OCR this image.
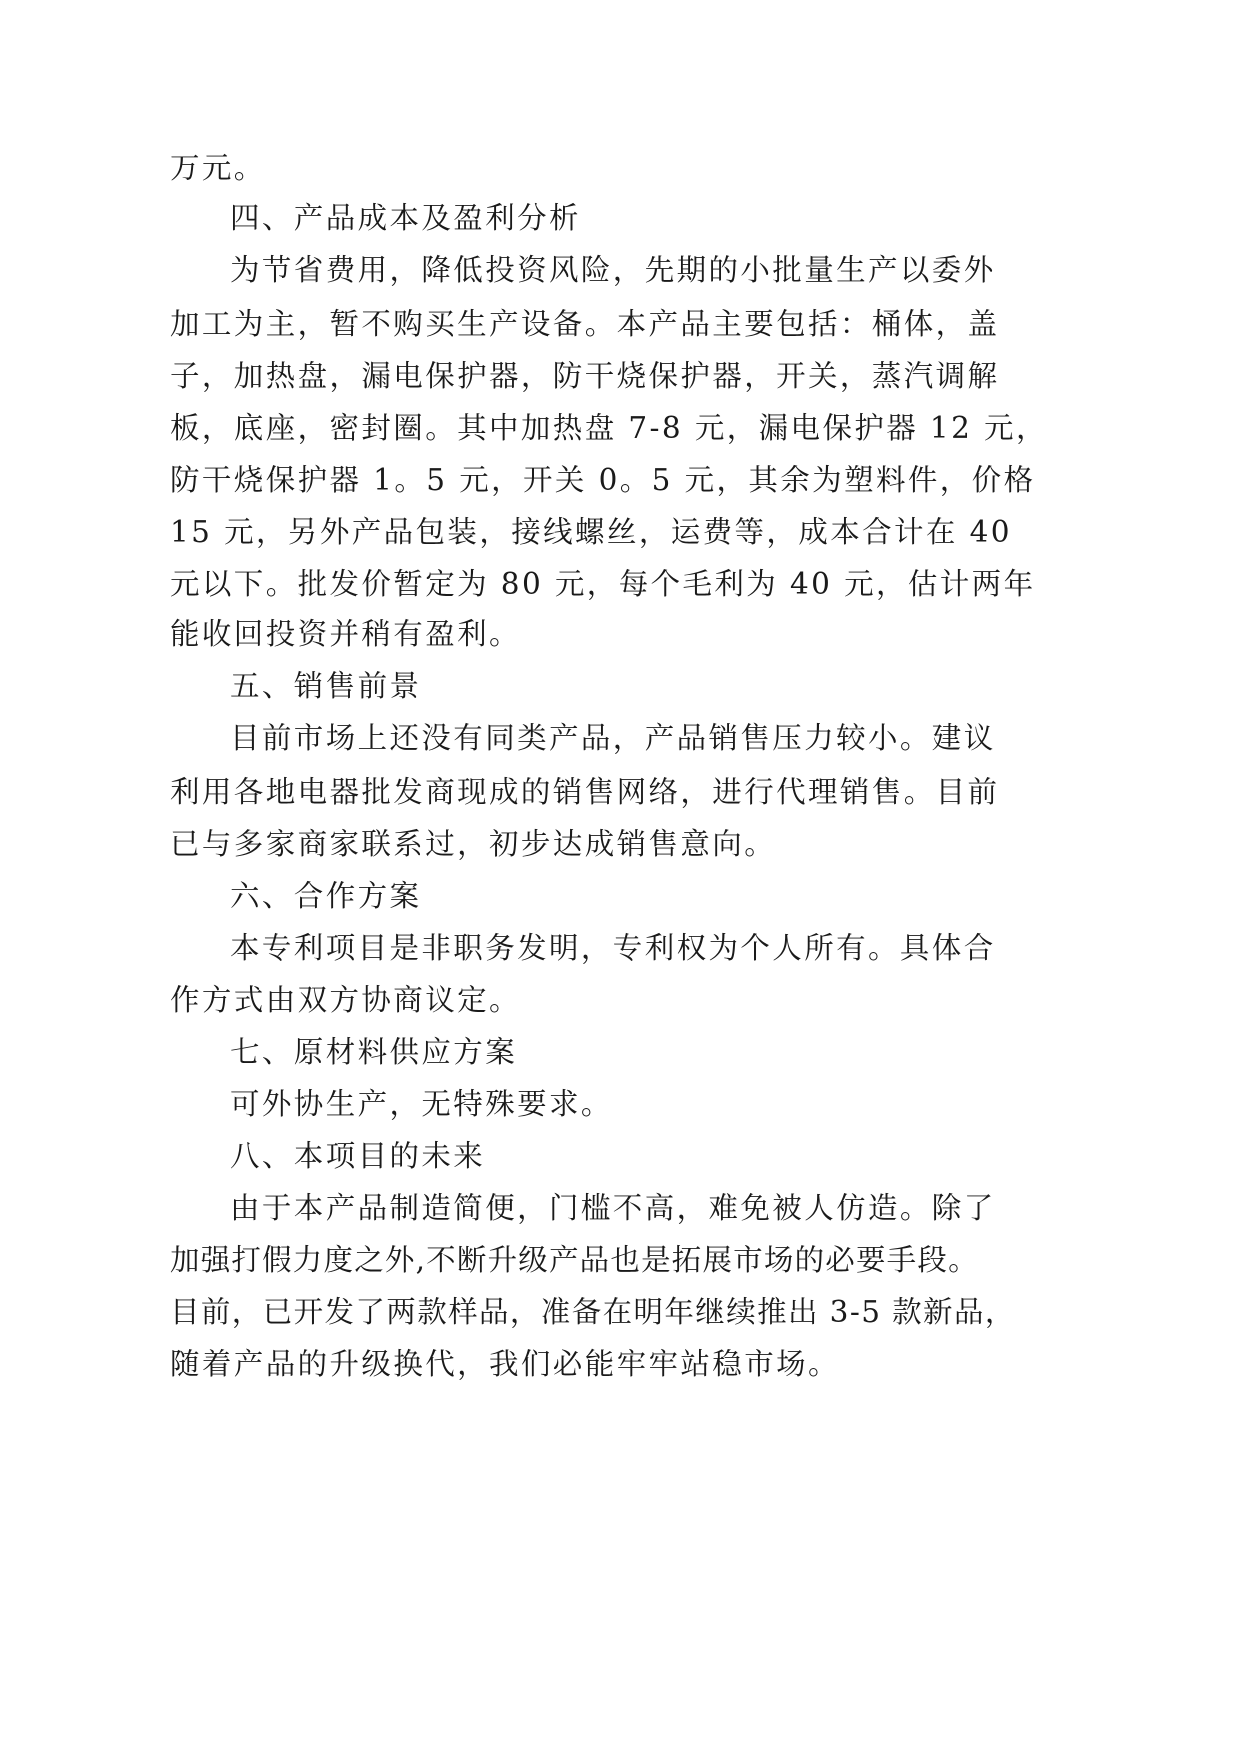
万元。
四、产品成本及盈利分析
为节省费用，降低投资风险，先期的小批量生产以委外
加工为主，暂不购买生产设备。本产品主要包括：桶体，盖
子，加热盘，漏电保护器，防干烧保护器，开关，蒸汽调解
板，底座，密封圈。其中加热盘 7-8 元，漏电保护器 12 元，
防干烧保护器 1。5 元，开关 0。5 元，其余为塑料件，价格
15 元，另外产品包装，接线螺丝，运费等，成本合计在 40
元以下。批发价暂定为 80 元，每个毛利为 40 元，估计两年
能收回投资并稍有盈利。
五、销售前景
目前市场上还没有同类产品，产品销售压力较小。建议
利用各地电器批发商现成的销售网络，进行代理销售。目前
已与多家商家联系过，初步达成销售意向。
六、合作方案
本专利项目是非职务发明，专利权为个人所有。具体合
作方式由双方协商议定。
七、原材料供应方案
可外协生产，无特殊要求。
八、本项目的未来
由于本产品制造简便，门槛不高，难免被人仿造。除了
加强打假力度之外,不断升级产品也是拓展市场的必要手段。
目前，已开发了两款样品，准备在明年继续推出 3-5 款新品，
随着产品的升级换代，我们必能牢牢站稳市场。
